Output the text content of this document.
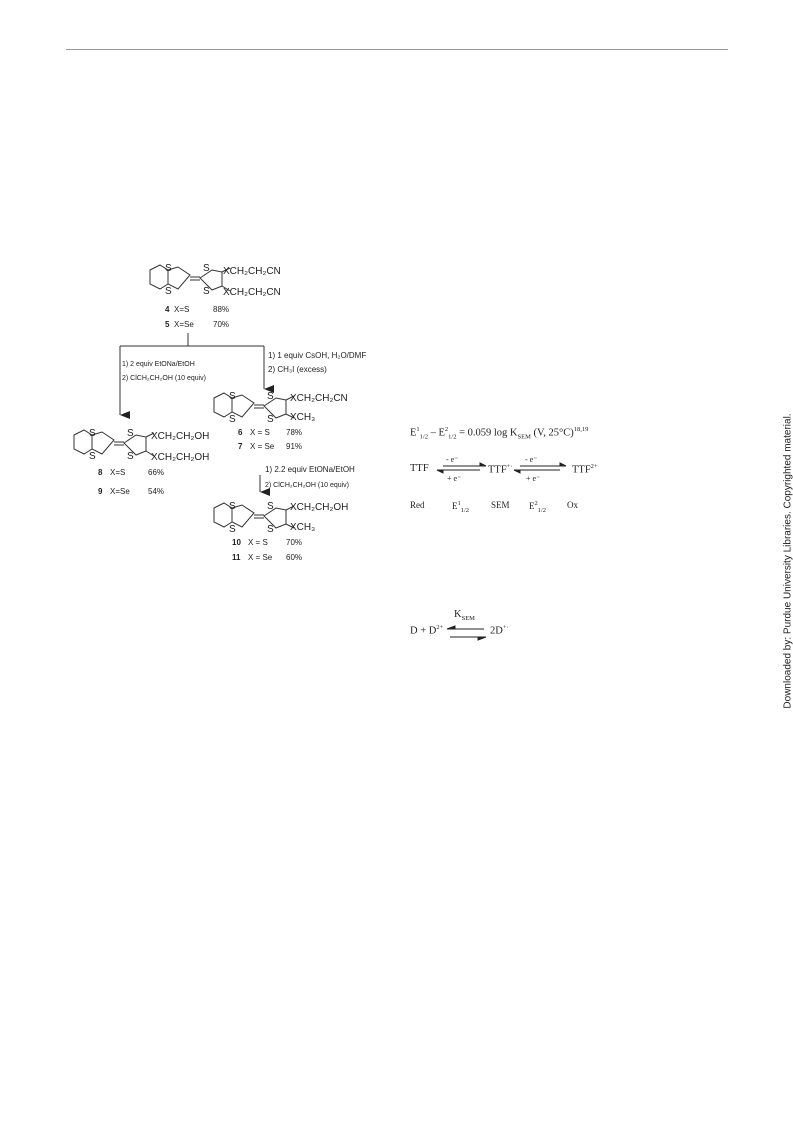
S
S
S
S
S
S
S
S
S
S
S
S
S
S
S
S
XCH₂CH₂CN
XCH₂CH₂CN
XCH₂CH₂CN
XCH₃
XCH₂CH₂OH
XCH₂CH₂OH
XCH₂CH₂OH
XCH₃
4 X=S	88%
5 X=Se 70%
6 X = S 78%
7 X = Se 91%
8 X=S	66%
9 X=Se 54%
10 X = S 70%
11 X = Se 60%
1) 2 equiv EtONa/EtOH
2) ClCH₂CH₂OH (10 equiv)
1) 1 equiv CsOH, H₂O/DMF
2) CH₃I (excess)
1) 2.2 equiv EtONa/EtOH
2) ClCH₂CH₂OH (10 equiv)
$E^1_{1/2} - E^2_{1/2} = 0.059$ $\log K_{SEM}$ (V, 25°C)$^{18,19}$
TTF	TTF+·	$TTF^{2+}$
- e⁻
+ e⁻
- e⁻
+ e⁻
Red	$E^1_{1/2}$
SEM $E^2_{1/2}$
Ox
$K_{SEM}$
$D + D^{2+}$	2D+·	Downloaded by: Purdue University Libraries. Copyrighted material.
